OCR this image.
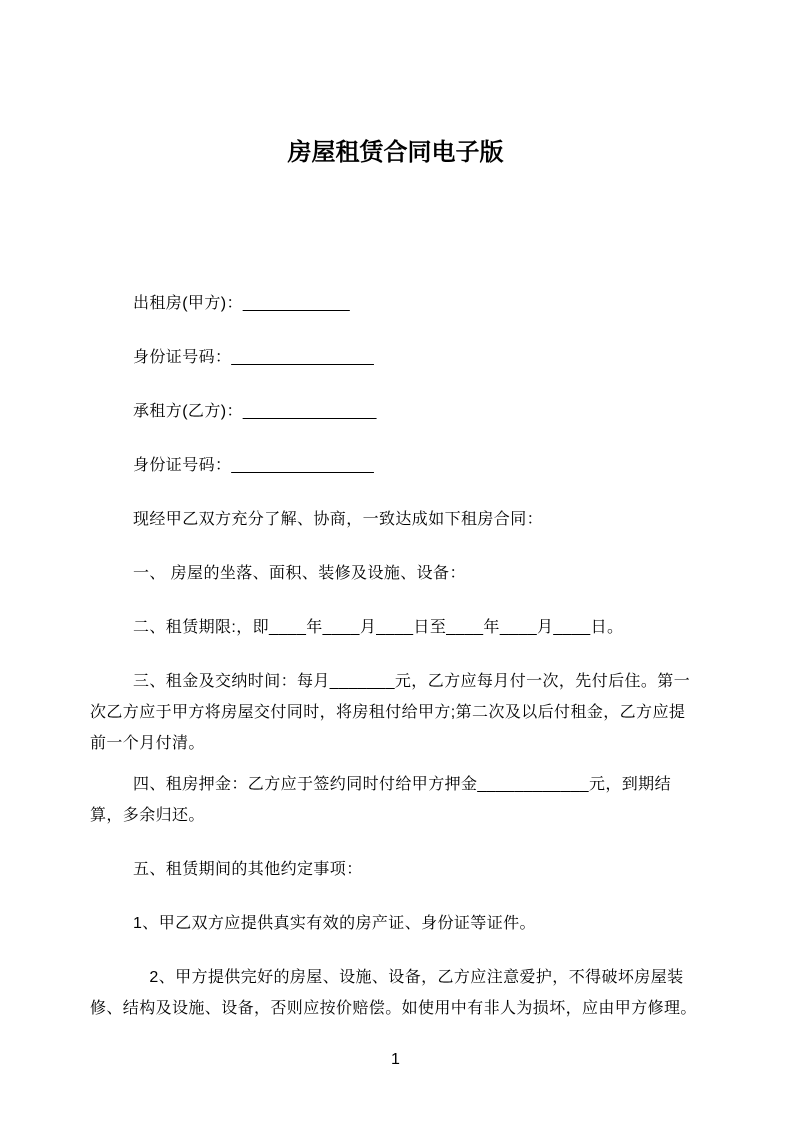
房屋租赁合同电子版

出租房(甲方)：____________

身份证号码：________________

承租方(乙方)：_______________

身份证号码：________________

现经甲乙双方充分了解、协商，一致达成如下租房合同：

一、 房屋的坐落、面积、装修及设施、设备：

二、租赁期限:，即____年____月____日至____年____月____日。

三、租金及交纳时间：每月_______元，乙方应每月付一次，先付后住。第一次乙方应于甲方将房屋交付同时，将房租付给甲方;第二次及以后付租金，乙方应提前一个月付清。

四、租房押金：乙方应于签约同时付给甲方押金____________元，到期结算，多余归还。

五、租赁期间的其他约定事项：

1、甲乙双方应提供真实有效的房产证、身份证等证件。

　2、甲方提供完好的房屋、设施、设备，乙方应注意爱护，不得破坏房屋装修、结构及设施、设备，否则应按价赔偿。如使用中有非人为损坏，应由甲方修理。

1
